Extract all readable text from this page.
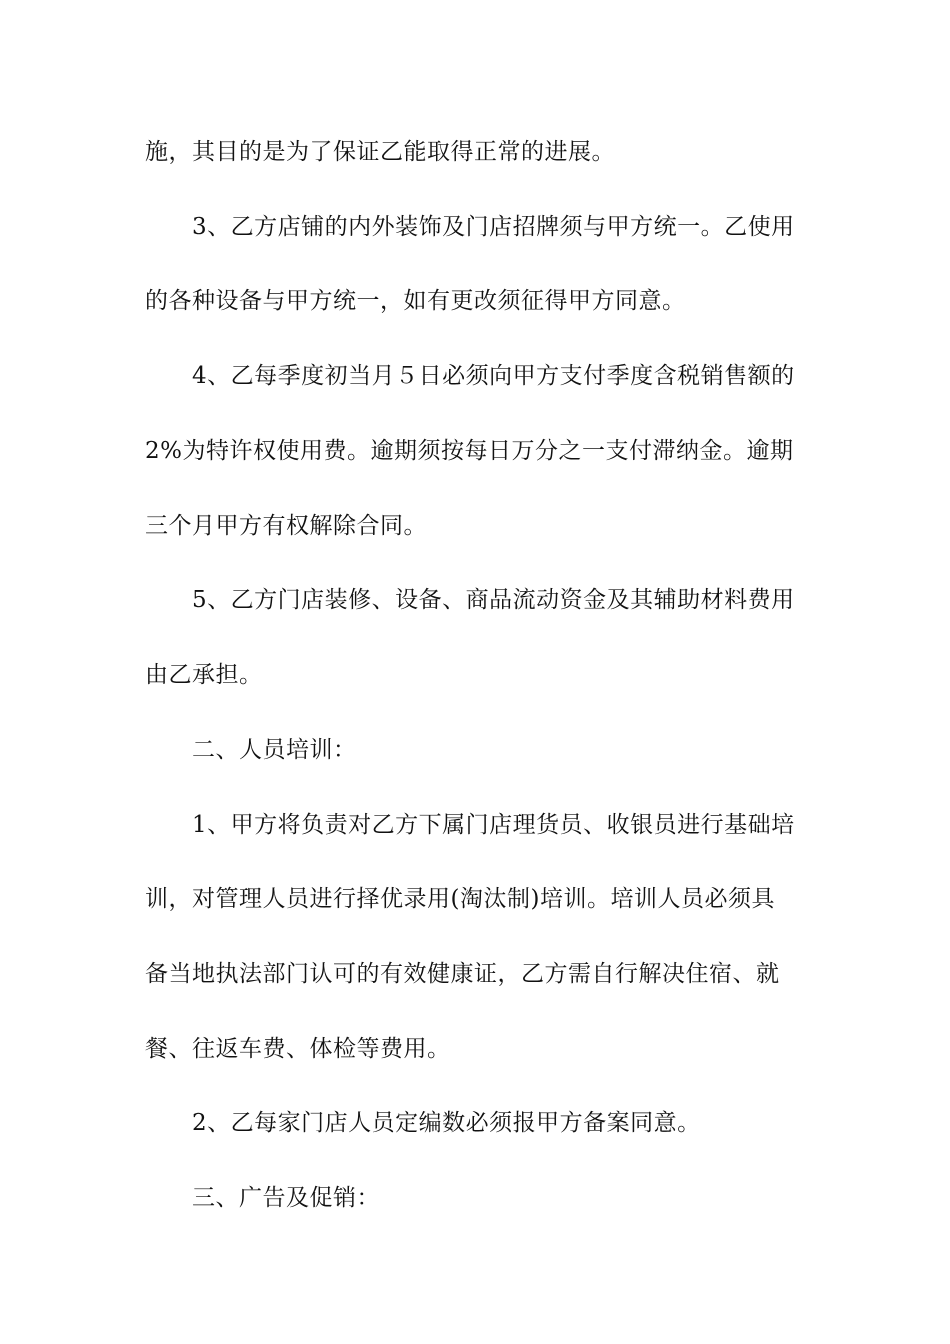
施，其目的是为了保证乙能取得正常的进展。
3、乙方店铺的内外装饰及门店招牌须与甲方统一。乙使用
的各种设备与甲方统一，如有更改须征得甲方同意。
4、乙每季度初当月５日必须向甲方支付季度含税销售额的
2%为特许权使用费。逾期须按每日万分之一支付滞纳金。逾期
三个月甲方有权解除合同。
5、乙方门店装修、设备、商品流动资金及其辅助材料费用
由乙承担。
二、人员培训：
1、甲方将负责对乙方下属门店理货员、收银员进行基础培
训，对管理人员进行择优录用(淘汰制)培训。培训人员必须具
备当地执法部门认可的有效健康证，乙方需自行解决住宿、就
餐、往返车费、体检等费用。
2、乙每家门店人员定编数必须报甲方备案同意。
三、广告及促销：
